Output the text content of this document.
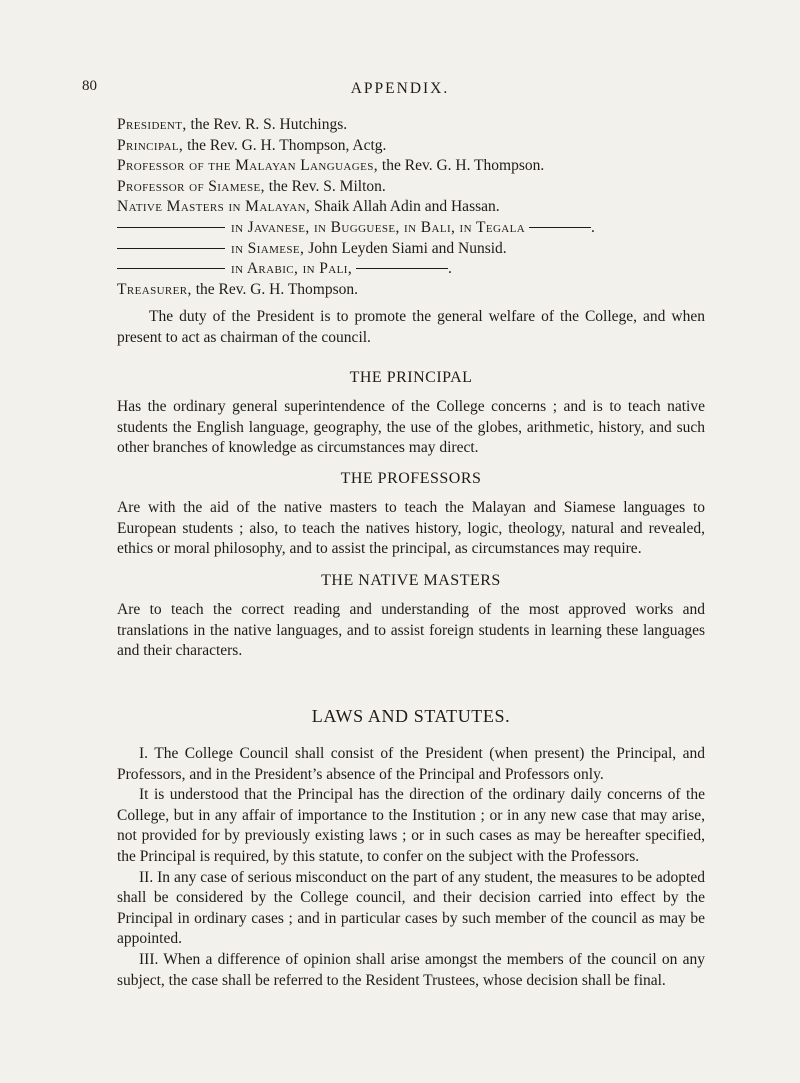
80	APPENDIX.
President, the Rev. R. S. Hutchings.
Principal, the Rev. G. H. Thompson, Actg.
Professor of the Malayan Languages, the Rev. G. H. Thompson.
Professor of Siamese, the Rev. S. Milton.
Native Masters in Malayan, Shaik Allah Adin and Hassan.
in Javanese, in Bugguese, in Bali, in Tegala	.
in Siamese, John Leyden Siami and Nunsid.
in Arabic, in Pali,	.
Treasurer, the Rev. G. H. Thompson.
The duty of the President is to promote the general welfare of the College, and when present to act as chairman of the council.
THE PRINCIPAL
Has the ordinary general superintendence of the College concerns ; and is to teach native students the English language, geography, the use of the globes, arithmetic, history, and such other branches of knowledge as circumstances may direct.
THE PROFESSORS
Are with the aid of the native masters to teach the Malayan and Siamese languages to European students ; also, to teach the natives history, logic, theology, natural and revealed, ethics or moral philosophy, and to assist the principal, as circumstances may require.
THE NATIVE MASTERS
Are to teach the correct reading and understanding of the most approved works and translations in the native languages, and to assist foreign students in learning these languages and their characters.
LAWS AND STATUTES.

I. The College Council shall consist of the President (when present) the Principal, and Professors, and in the President’s absence of the Principal and Professors only.

It is understood that the Principal has the direction of the ordinary daily concerns of the College, but in any affair of importance to the Institution ; or in any new case that may arise, not provided for by previously existing laws ; or in such cases as may be hereafter specified, the Principal is required, by this statute, to confer on the subject with the Professors.

II. In any case of serious misconduct on the part of any student, the measures to be adopted shall be considered by the College council, and their decision carried into effect by the Principal in ordinary cases ; and in particular cases by such member of the council as may be appointed.

III. When a difference of opinion shall arise amongst the members of the council on any subject, the case shall be referred to the Resident Trustees, whose decision shall be final.
